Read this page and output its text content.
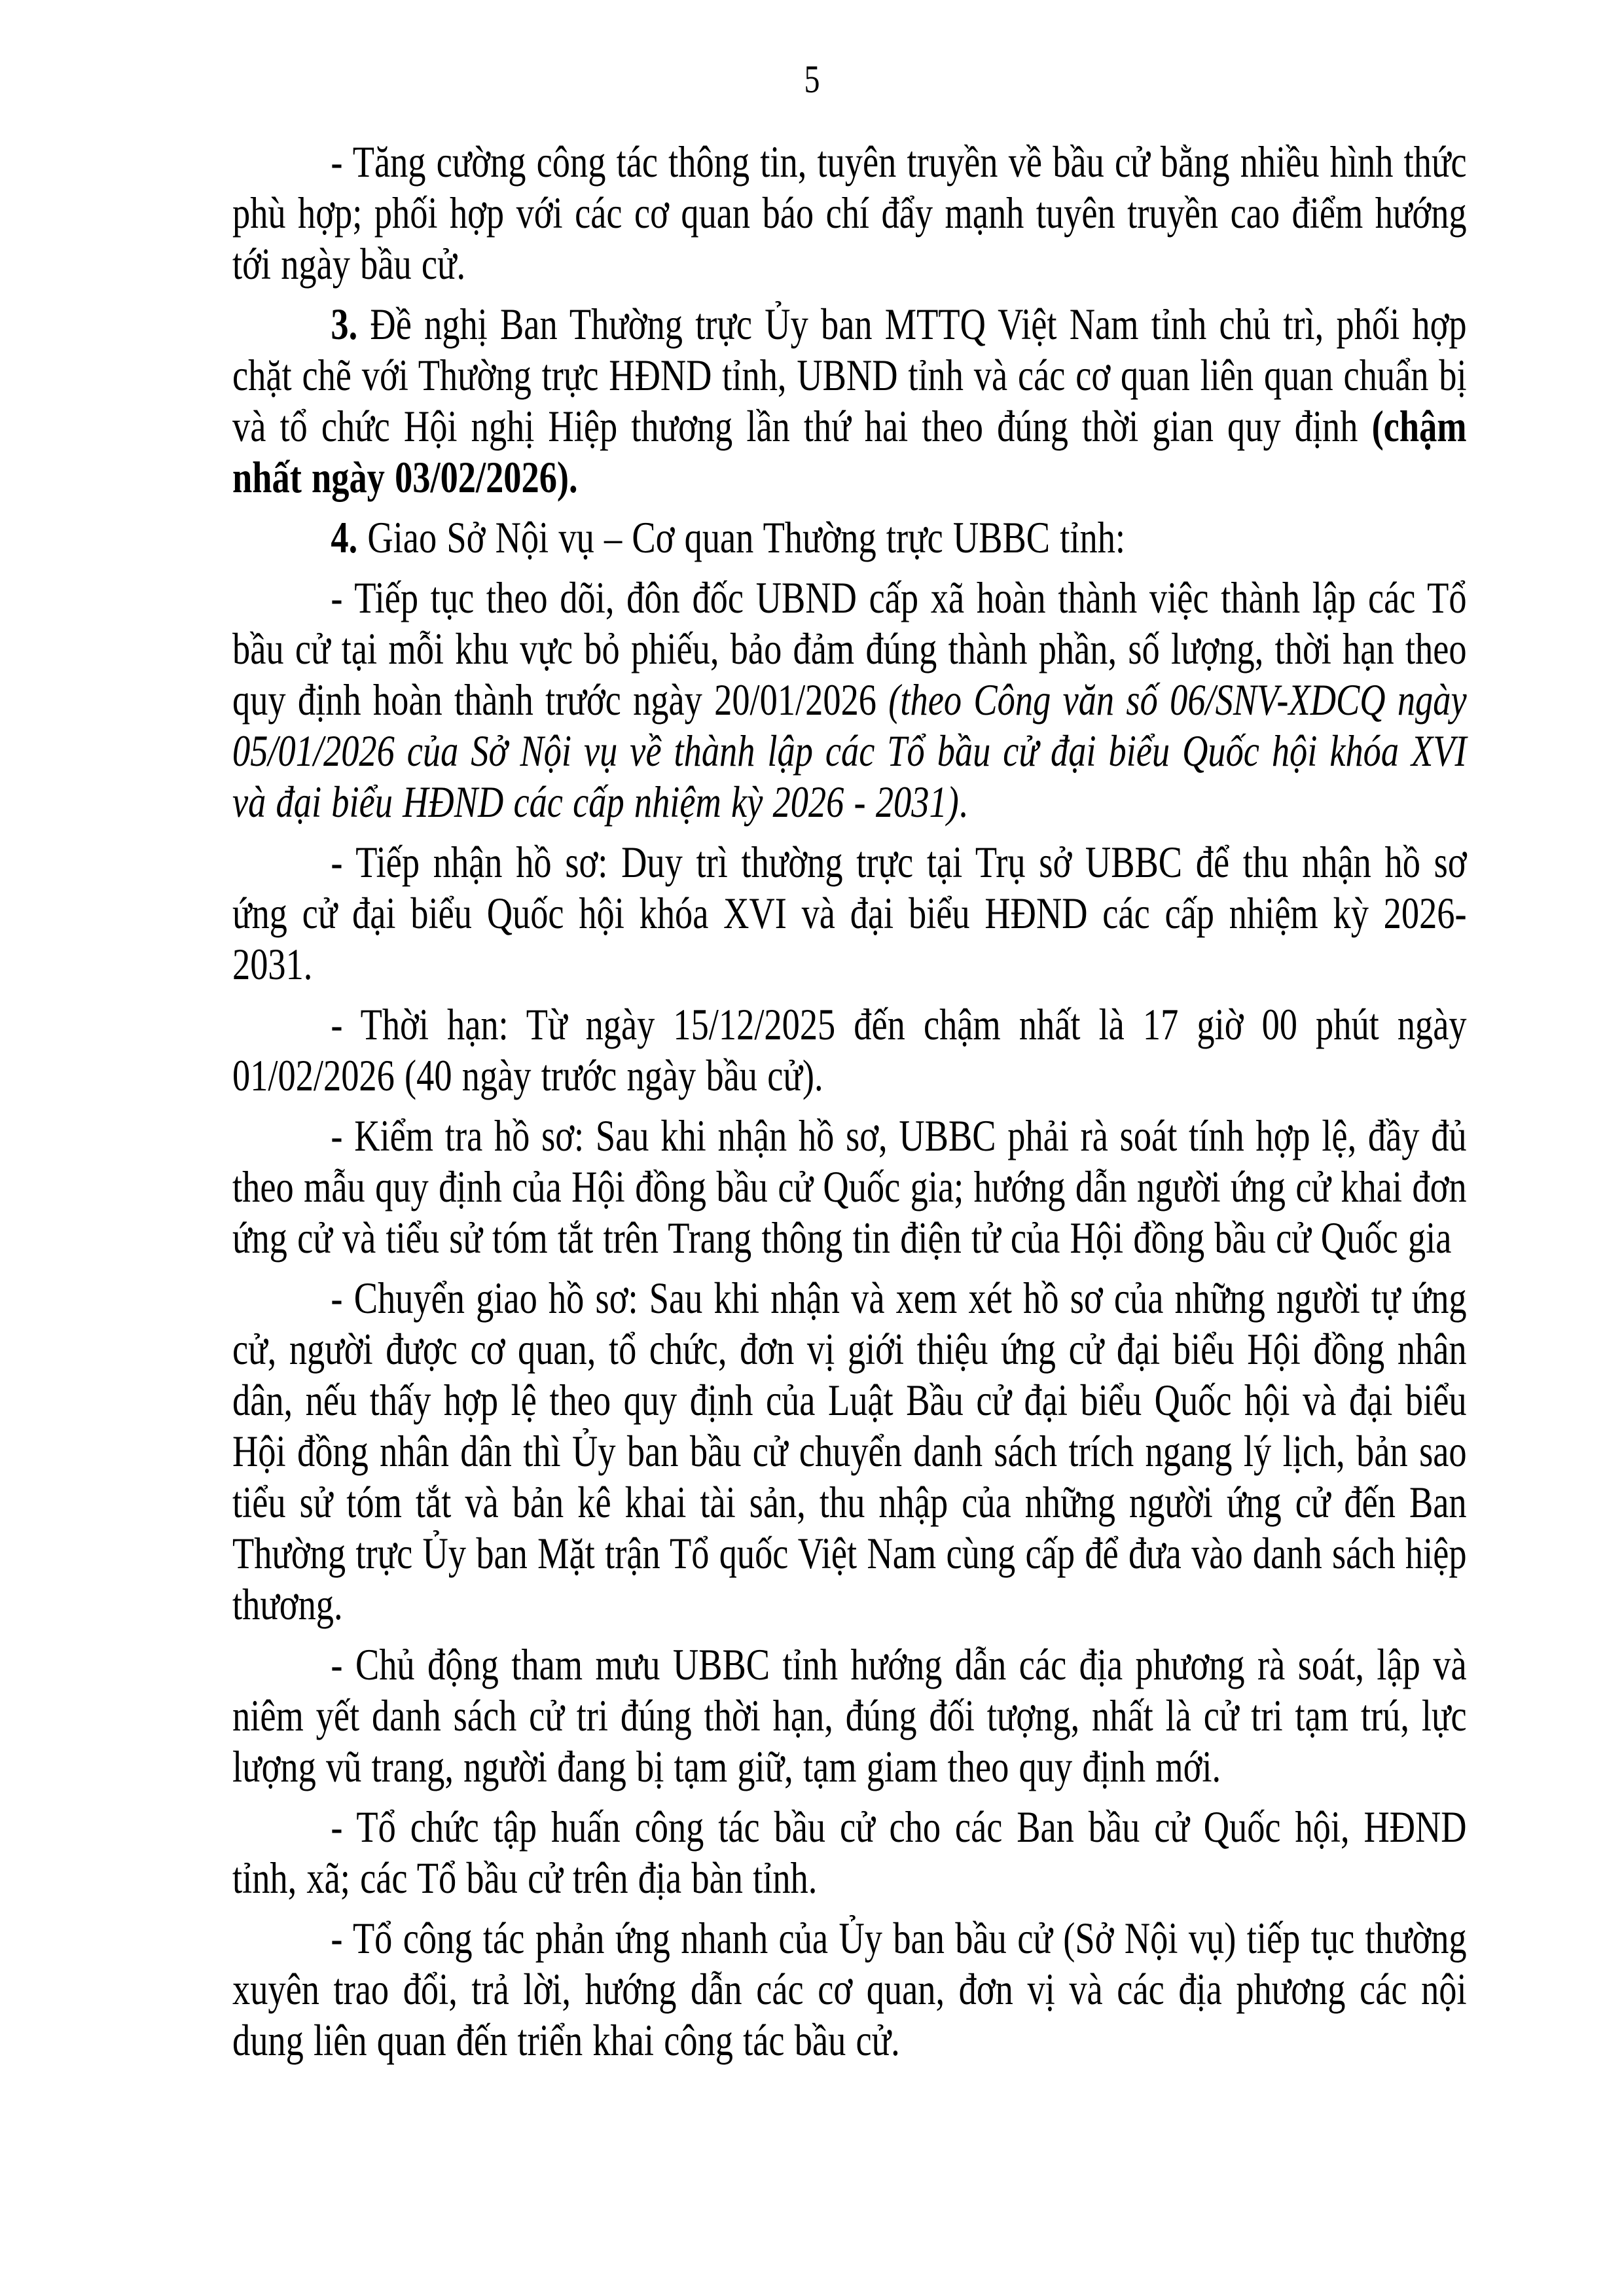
5

- Tăng cường công tác thông tin, tuyên truyền về bầu cử bằng nhiều hình thức phù hợp; phối hợp với các cơ quan báo chí đẩy mạnh tuyên truyền cao điểm hướng tới ngày bầu cử.

3. Đề nghị Ban Thường trực Ủy ban MTTQ Việt Nam tỉnh chủ trì, phối hợp chặt chẽ với Thường trực HĐND tỉnh, UBND tỉnh và các cơ quan liên quan chuẩn bị và tổ chức Hội nghị Hiệp thương lần thứ hai theo đúng thời gian quy định (chậm nhất ngày 03/02/2026).

4. Giao Sở Nội vụ – Cơ quan Thường trực UBBC tỉnh:

- Tiếp tục theo dõi, đôn đốc UBND cấp xã hoàn thành việc thành lập các Tổ bầu cử tại mỗi khu vực bỏ phiếu, bảo đảm đúng thành phần, số lượng, thời hạn theo quy định hoàn thành trước ngày 20/01/2026 (theo Công văn số 06/SNV-XDCQ ngày 05/01/2026 của Sở Nội vụ về thành lập các Tổ bầu cử đại biểu Quốc hội khóa XVI và đại biểu HĐND các cấp nhiệm kỳ 2026 - 2031).

- Tiếp nhận hồ sơ: Duy trì thường trực tại Trụ sở UBBC để thu nhận hồ sơ ứng cử đại biểu Quốc hội khóa XVI và đại biểu HĐND các cấp nhiệm kỳ 2026-2031.

- Thời hạn: Từ ngày 15/12/2025 đến chậm nhất là 17 giờ 00 phút ngày 01/02/2026 (40 ngày trước ngày bầu cử).

- Kiểm tra hồ sơ: Sau khi nhận hồ sơ, UBBC phải rà soát tính hợp lệ, đầy đủ theo mẫu quy định của Hội đồng bầu cử Quốc gia; hướng dẫn người ứng cử khai đơn ứng cử và tiểu sử tóm tắt trên Trang thông tin điện tử của Hội đồng bầu cử Quốc gia

- Chuyển giao hồ sơ: Sau khi nhận và xem xét hồ sơ của những người tự ứng cử, người được cơ quan, tổ chức, đơn vị giới thiệu ứng cử đại biểu Hội đồng nhân dân, nếu thấy hợp lệ theo quy định của Luật Bầu cử đại biểu Quốc hội và đại biểu Hội đồng nhân dân thì Ủy ban bầu cử chuyển danh sách trích ngang lý lịch, bản sao tiểu sử tóm tắt và bản kê khai tài sản, thu nhập của những người ứng cử đến Ban Thường trực Ủy ban Mặt trận Tổ quốc Việt Nam cùng cấp để đưa vào danh sách hiệp thương.

- Chủ động tham mưu UBBC tỉnh hướng dẫn các địa phương rà soát, lập và niêm yết danh sách cử tri đúng thời hạn, đúng đối tượng, nhất là cử tri tạm trú, lực lượng vũ trang, người đang bị tạm giữ, tạm giam theo quy định mới.

- Tổ chức tập huấn công tác bầu cử cho các Ban bầu cử Quốc hội, HĐND tỉnh, xã; các Tổ bầu cử trên địa bàn tỉnh.

- Tổ công tác phản ứng nhanh của Ủy ban bầu cử (Sở Nội vụ) tiếp tục thường xuyên trao đổi, trả lời, hướng dẫn các cơ quan, đơn vị và các địa phương các nội dung liên quan đến triển khai công tác bầu cử.
